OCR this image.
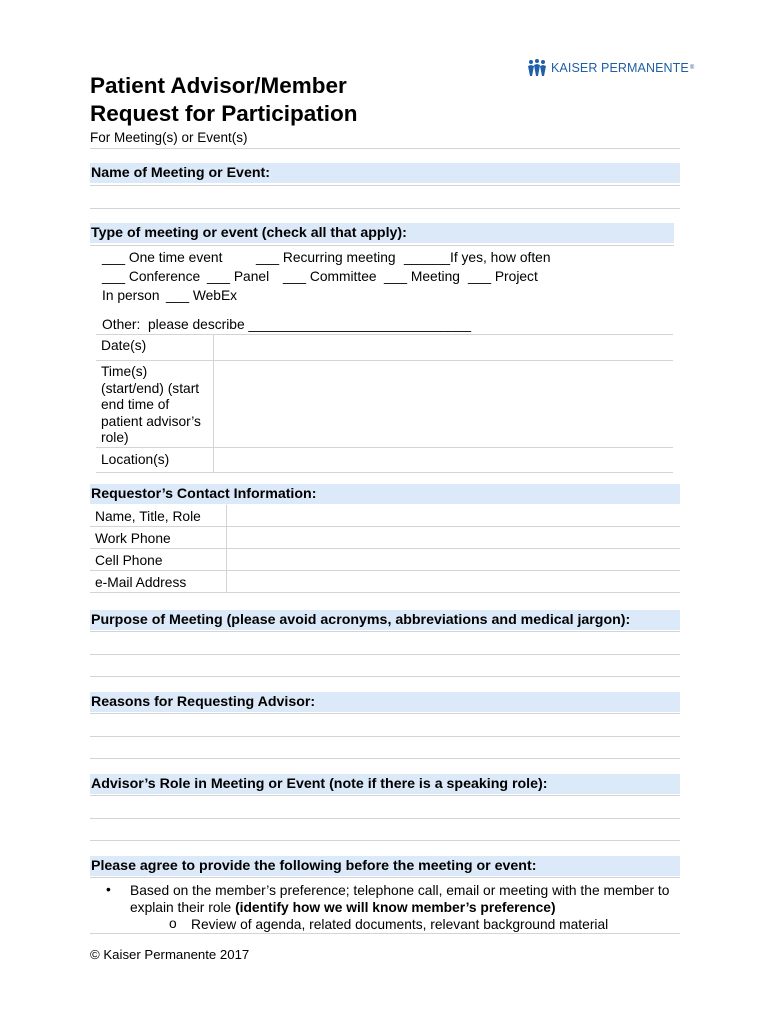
KAISER PERMANENTE ®
Patient Advisor/Member
Request for Participation
For Meeting(s) or Event(s)
Name of Meeting or Event:
Type of meeting or event (check all that apply):
___ One time event ___ Recurring meeting ______If yes, how often
___ Conference ___ Panel ___ Committee ___ Meeting ___ Project
In person ___ WebEx
Other:  please describe _____________________________
Date(s)	
Time(s) (start/end) (start end time of patient advisor’s role)	
Location(s)	
Requestor’s Contact Information:
Name, Title, Role	
Work Phone	
Cell Phone	
e-Mail Address	
Purpose of Meeting (please avoid acronyms, abbreviations and medical jargon):
Reasons for Requesting Advisor:
Advisor’s Role in Meeting or Event (note if there is a speaking role):
Please agree to provide the following before the meeting or event:
• Based on the member’s preference; telephone call, email or meeting with the member to explain their role (identify how we will know member’s preference)
o Review of agenda, related documents, relevant background material
© Kaiser Permanente 2017
